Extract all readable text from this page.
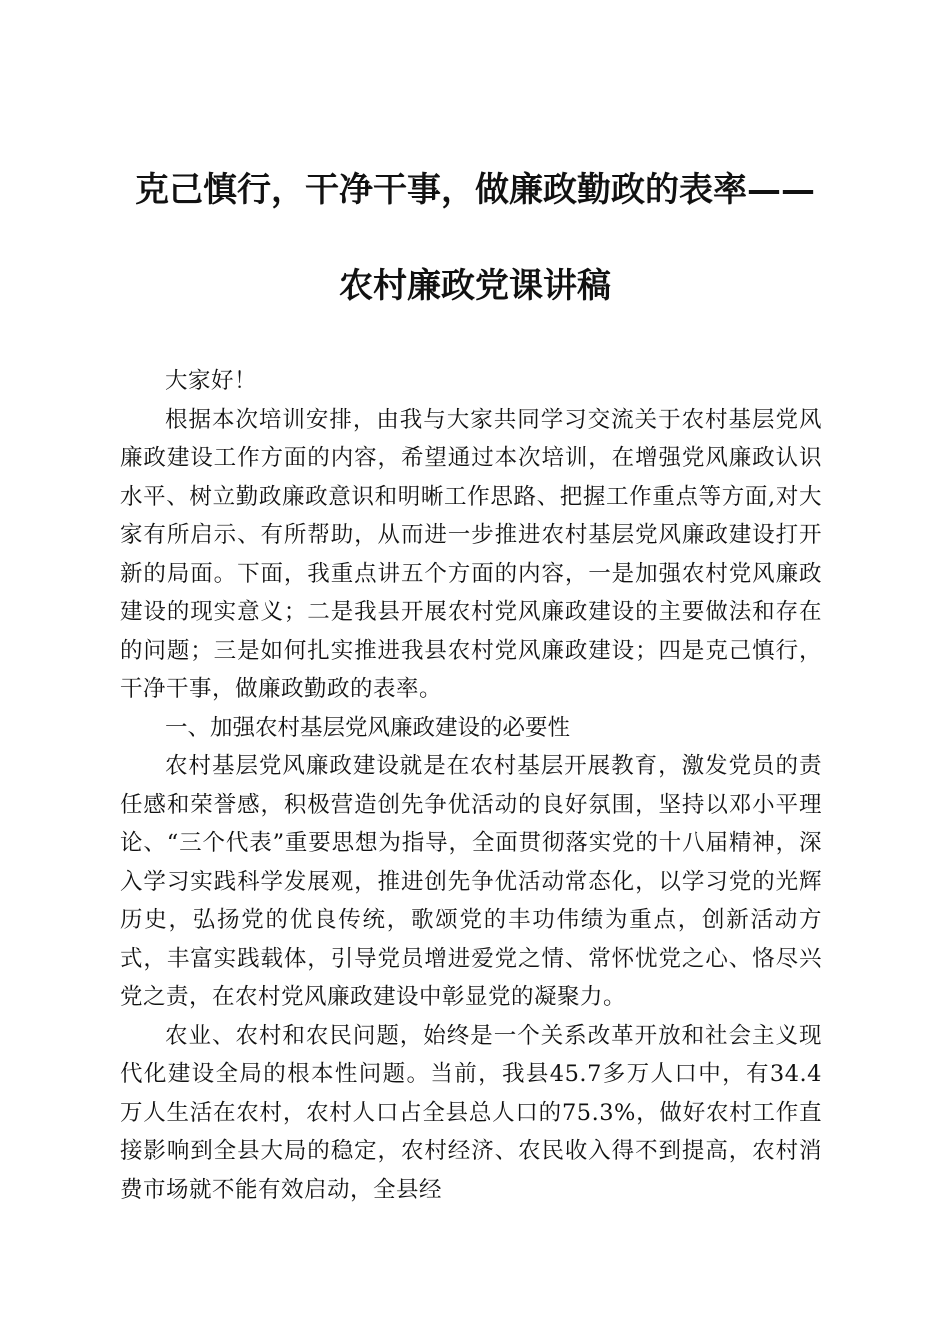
克己慎行，干净干事，做廉政勤政的表率——
农村廉政党课讲稿

大家好！

根据本次培训安排，由我与大家共同学习交流关于农村基层党风廉政建设工作方面的内容，希望通过本次培训，在增强党风廉政认识水平、树立勤政廉政意识和明晰工作思路、把握工作重点等方面,对大家有所启示、有所帮助，从而进一步推进农村基层党风廉政建设打开新的局面。下面，我重点讲五个方面的内容，一是加强农村党风廉政建设的现实意义；二是我县开展农村党风廉政建设的主要做法和存在的问题；三是如何扎实推进我县农村党风廉政建设；四是克己慎行，干净干事，做廉政勤政的表率。

一、加强农村基层党风廉政建设的必要性

农村基层党风廉政建设就是在农村基层开展教育，激发党员的责任感和荣誉感，积极营造创先争优活动的良好氛围，坚持以邓小平理论、“三个代表”重要思想为指导，全面贯彻落实党的十八届精神，深入学习实践科学发展观，推进创先争优活动常态化，以学习党的光辉历史，弘扬党的优良传统，歌颂党的丰功伟绩为重点，创新活动方式，丰富实践载体，引导党员增进爱党之情、常怀忧党之心、恪尽兴党之责，在农村党风廉政建设中彰显党的凝聚力。

农业、农村和农民问题，始终是一个关系改革开放和社会主义现代化建设全局的根本性问题。当前，我县45.7多万人口中，有34.4万人生活在农村，农村人口占全县总人口的75.3%，做好农村工作直接影响到全县大局的稳定，农村经济、农民收入得不到提高，农村消费市场就不能有效启动，全县经
